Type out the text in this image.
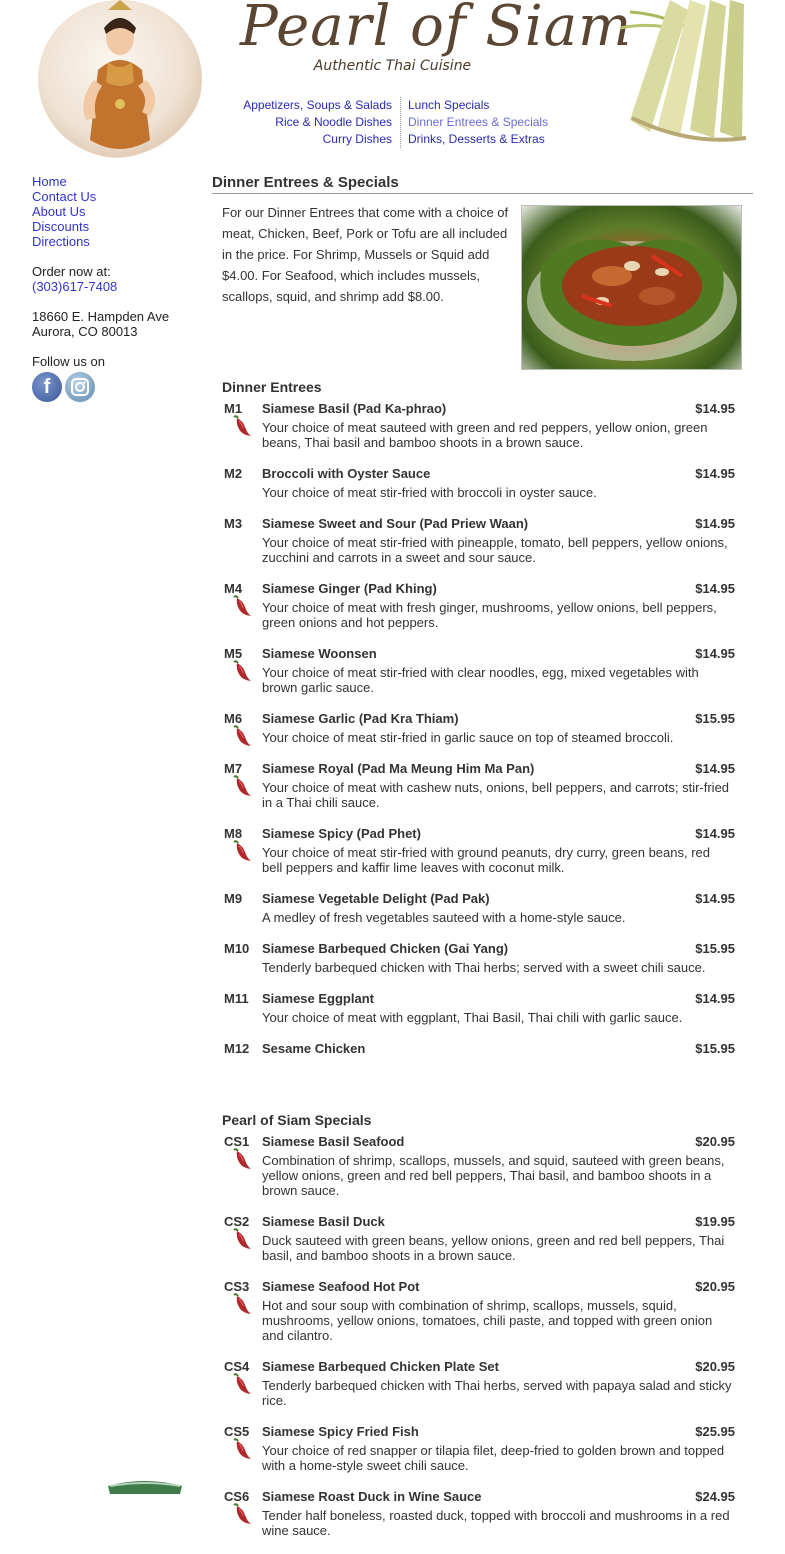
Pearl of Siam
Authentic Thai Cuisine
Appetizers, Soups & Salads
Rice & Noodle Dishes
Curry Dishes
Lunch Specials
Dinner Entrees & Specials
Drinks, Desserts & Extras
Home
Contact Us
About Us
Discounts
Directions
Order now at:
(303)617-7408
18660 E. Hampden Ave
Aurora, CO 80013
Follow us on
f
Dinner Entrees & Specials

For our Dinner Entrees that come with a choice of meat, Chicken, Beef, Pork or Tofu are all included in the price. For Shrimp, Mussels or Squid add $4.00. For Seafood, which includes mussels, scallops, squid, and shrimp add $8.00.

Dinner Entrees
M1 Siamese Basil (Pad Ka-phrao)	$14.95
Your choice of meat sauteed with green and red peppers, yellow onion, green beans, Thai basil and bamboo shoots in a brown sauce.
M2 Broccoli with Oyster Sauce	$14.95
Your choice of meat stir-fried with broccoli in oyster sauce.
M3 Siamese Sweet and Sour (Pad Priew Waan)	$14.95
Your choice of meat stir-fried with pineapple, tomato, bell peppers, yellow onions, zucchini and carrots in a sweet and sour sauce.
M4 Siamese Ginger (Pad Khing)	$14.95
Your choice of meat with fresh ginger, mushrooms, yellow onions, bell peppers, green onions and hot peppers.
M5 Siamese Woonsen	$14.95
Your choice of meat stir-fried with clear noodles, egg, mixed vegetables with brown garlic sauce.
M6 Siamese Garlic (Pad Kra Thiam)	$15.95
Your choice of meat stir-fried in garlic sauce on top of steamed broccoli.
M7 Siamese Royal (Pad Ma Meung Him Ma Pan)	$14.95
Your choice of meat with cashew nuts, onions, bell peppers, and carrots; stir-fried in a Thai chili sauce.
M8 Siamese Spicy (Pad Phet)	$14.95
Your choice of meat stir-fried with ground peanuts, dry curry, green beans, red bell peppers and kaffir lime leaves with coconut milk.
M9 Siamese Vegetable Delight (Pad Pak)	$14.95
A medley of fresh vegetables sauteed with a home-style sauce.
M10 Siamese Barbequed Chicken (Gai Yang)	$15.95
Tenderly barbequed chicken with Thai herbs; served with a sweet chili sauce.
M11 Siamese Eggplant	$14.95
Your choice of meat with eggplant, Thai Basil, Thai chili with garlic sauce.
M12 Sesame Chicken	$15.95
Pearl of Siam Specials
CS1 Siamese Basil Seafood	$20.95
Combination of shrimp, scallops, mussels, and squid, sauteed with green beans, yellow onions, green and red bell peppers, Thai basil, and bamboo shoots in a brown sauce.
CS2 Siamese Basil Duck	$19.95
Duck sauteed with green beans, yellow onions, green and red bell peppers, Thai basil, and bamboo shoots in a brown sauce.
CS3 Siamese Seafood Hot Pot	$20.95
Hot and sour soup with combination of shrimp, scallops, mussels, squid, mushrooms, yellow onions, tomatoes, chili paste, and topped with green onion and cilantro.
CS4 Siamese Barbequed Chicken Plate Set	$20.95
Tenderly barbequed chicken with Thai herbs, served with papaya salad and sticky rice.
CS5 Siamese Spicy Fried Fish	$25.95
Your choice of red snapper or tilapia filet, deep-fried to golden brown and topped with a home-style sweet chili sauce.
CS6 Siamese Roast Duck in Wine Sauce	$24.95
Tender half boneless, roasted duck, topped with broccoli and mushrooms in a red wine sauce.
